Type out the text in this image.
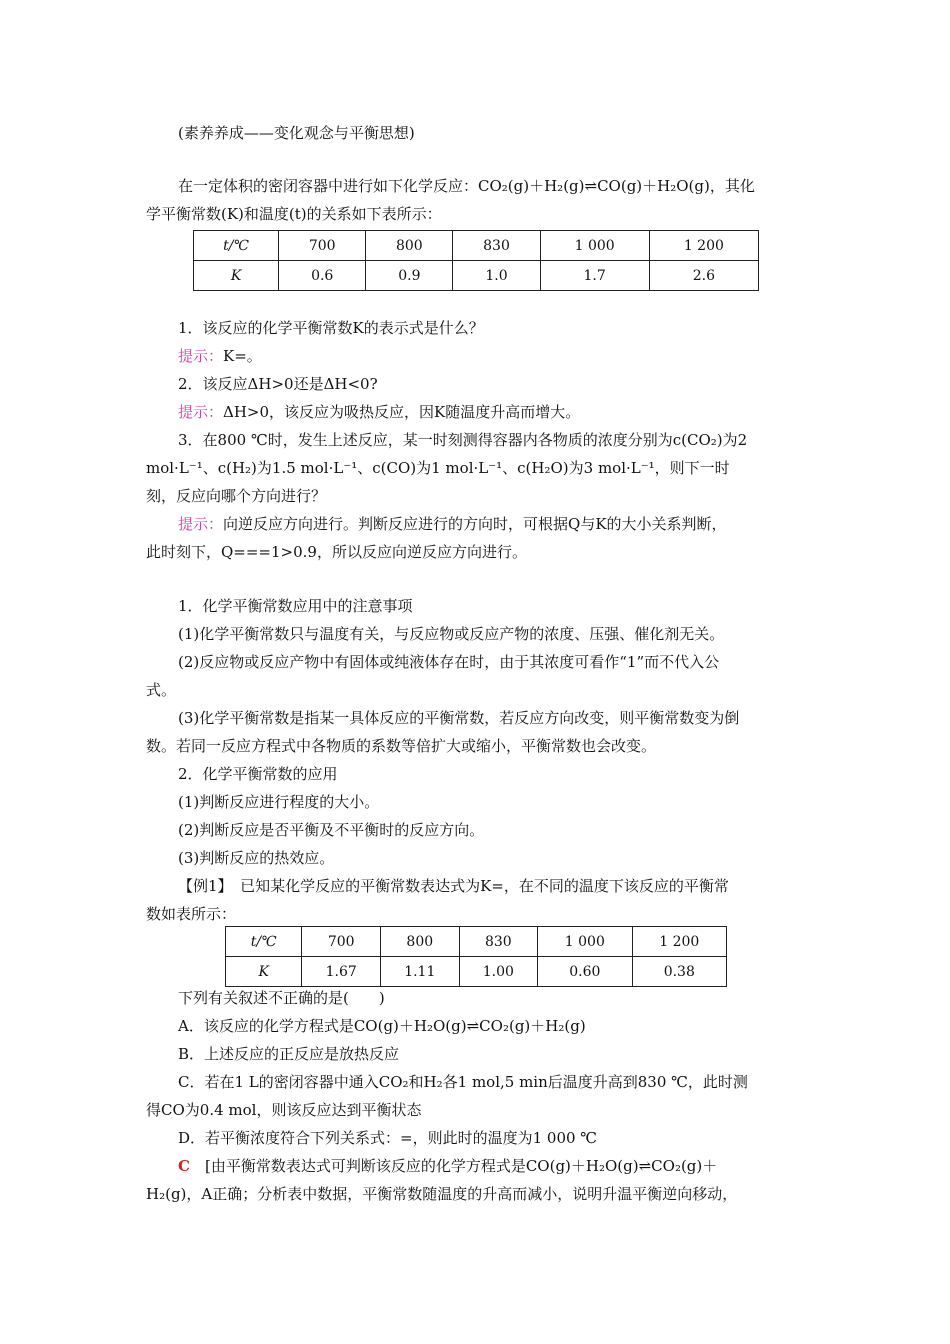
(素养养成——变化观念与平衡思想)
在一定体积的密闭容器中进行如下化学反应：CO₂(g)＋H₂(g)⇌CO(g)＋H₂O(g)，其化
学平衡常数(K)和温度(t)的关系如下表所示：
t/℃	700	800	830	1 000	1 200
K	0.6	0.9	1.0	1.7	2.6
1．该反应的化学平衡常数K的表示式是什么？
提示：K=。
2．该反应ΔH>0还是ΔH<0?
提示：ΔH>0，该反应为吸热反应，因K随温度升高而增大。
3．在800 ℃时，发生上述反应，某一时刻测得容器内各物质的浓度分别为c(CO₂)为2
mol·L⁻¹、c(H₂)为1.5 mol·L⁻¹、c(CO)为1 mol·L⁻¹、c(H₂O)为3 mol·L⁻¹，则下一时
刻，反应向哪个方向进行？
提示：向逆反应方向进行。判断反应进行的方向时，可根据Q与K的大小关系判断，
此时刻下，Q===1>0.9，所以反应向逆反应方向进行。
1．化学平衡常数应用中的注意事项
(1)化学平衡常数只与温度有关，与反应物或反应产物的浓度、压强、催化剂无关。
(2)反应物或反应产物中有固体或纯液体存在时，由于其浓度可看作“1”而不代入公
式。
(3)化学平衡常数是指某一具体反应的平衡常数，若反应方向改变，则平衡常数变为倒
数。若同一反应方程式中各物质的系数等倍扩大或缩小，平衡常数也会改变。
2．化学平衡常数的应用
(1)判断反应进行程度的大小。
(2)判断反应是否平衡及不平衡时的反应方向。
(3)判断反应的热效应。
【例1】　 已知某化学反应的平衡常数表达式为K=，在不同的温度下该反应的平衡常
数如表所示：
t/℃	700	800	830	1 000	1 200
K	1.67	1.11	1.00	0.60	0.38
下列有关叙述不正确的是(　　)
A．该反应的化学方程式是CO(g)＋H₂O(g)⇌CO₂(g)＋H₂(g)
B．上述反应的正反应是放热反应
C．若在1 L的密闭容器中通入CO₂和H₂各1 mol,5 min后温度升高到830 ℃，此时测
得CO为0.4 mol，则该反应达到平衡状态
D．若平衡浓度符合下列关系式：=，则此时的温度为1 000 ℃
C　 [由平衡常数表达式可判断该反应的化学方程式是CO(g)＋H₂O(g)⇌CO₂(g)＋
H₂(g)，A正确；分析表中数据，平衡常数随温度的升高而减小，说明升温平衡逆向移动，
